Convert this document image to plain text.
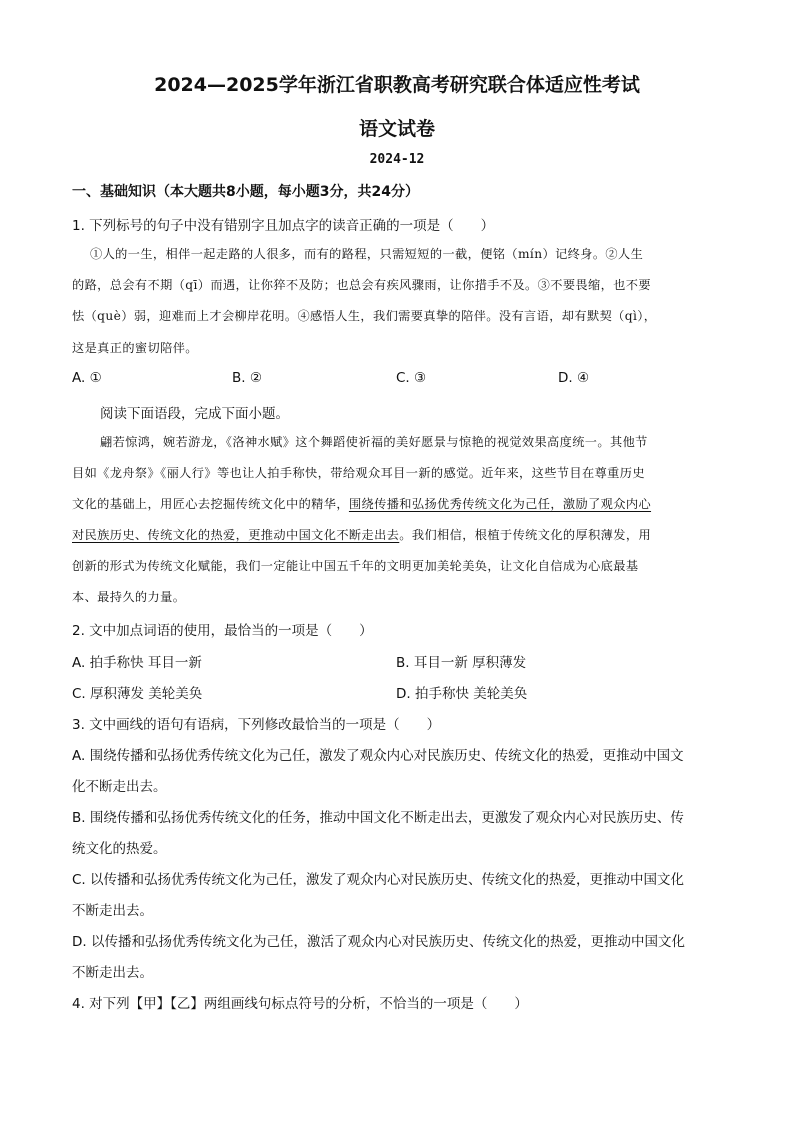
2024—2025学年浙江省职教高考研究联合体适应性考试
语文试卷
2024-12
一、基础知识（本大题共8小题，每小题3分，共24分）
1. 下列标号的句子中没有错别字且加点字的读音正确的一项是（　　）
①人的一生，相伴一起走路的人很多，而有的路程，只需短短的一截，便铭（mín）记终身。②人生
的路，总会有不期（qī）而遇，让你猝不及防；也总会有疾风骤雨，让你措手不及。③不要畏缩，也不要
怯（què）弱，迎难而上才会柳岸花明。④感悟人生，我们需要真挚的陪伴。没有言语，却有默契（qì），
这是真正的蜜切陪伴。
A. ①	B. ②	C. ③	D. ④
阅读下面语段，完成下面小题。
翩若惊鸿，婉若游龙，《洛神水赋》这个舞蹈使祈福的美好愿景与惊艳的视觉效果高度统一。其他节
目如《龙舟祭》《丽人行》等也让人拍手称快，带给观众耳目一新的感觉。近年来，这些节目在尊重历史
文化的基础上，用匠心去挖掘传统文化中的精华，围绕传播和弘扬优秀传统文化为己任，激励了观众内心
对民族历史、传统文化的热爱，更推动中国文化不断走出去。我们相信，根植于传统文化的厚积薄发，用
创新的形式为传统文化赋能，我们一定能让中国五千年的文明更加美轮美奂，让文化自信成为心底最基
本、最持久的力量。
2. 文中加点词语的使用，最恰当的一项是（　　）
A. 拍手称快 耳目一新	B. 耳目一新 厚积薄发
C. 厚积薄发 美轮美奂	D. 拍手称快 美轮美奂
3. 文中画线的语句有语病，下列修改最恰当的一项是（　　）
A. 围绕传播和弘扬优秀传统文化为己任，激发了观众内心对民族历史、传统文化的热爱，更推动中国文
化不断走出去。
B. 围绕传播和弘扬优秀传统文化的任务，推动中国文化不断走出去，更激发了观众内心对民族历史、传
统文化的热爱。
C. 以传播和弘扬优秀传统文化为己任，激发了观众内心对民族历史、传统文化的热爱，更推动中国文化
不断走出去。
D. 以传播和弘扬优秀传统文化为己任，激活了观众内心对民族历史、传统文化的热爱，更推动中国文化
不断走出去。
4. 对下列【甲】【乙】两组画线句标点符号的分析，不恰当的一项是（　　）
